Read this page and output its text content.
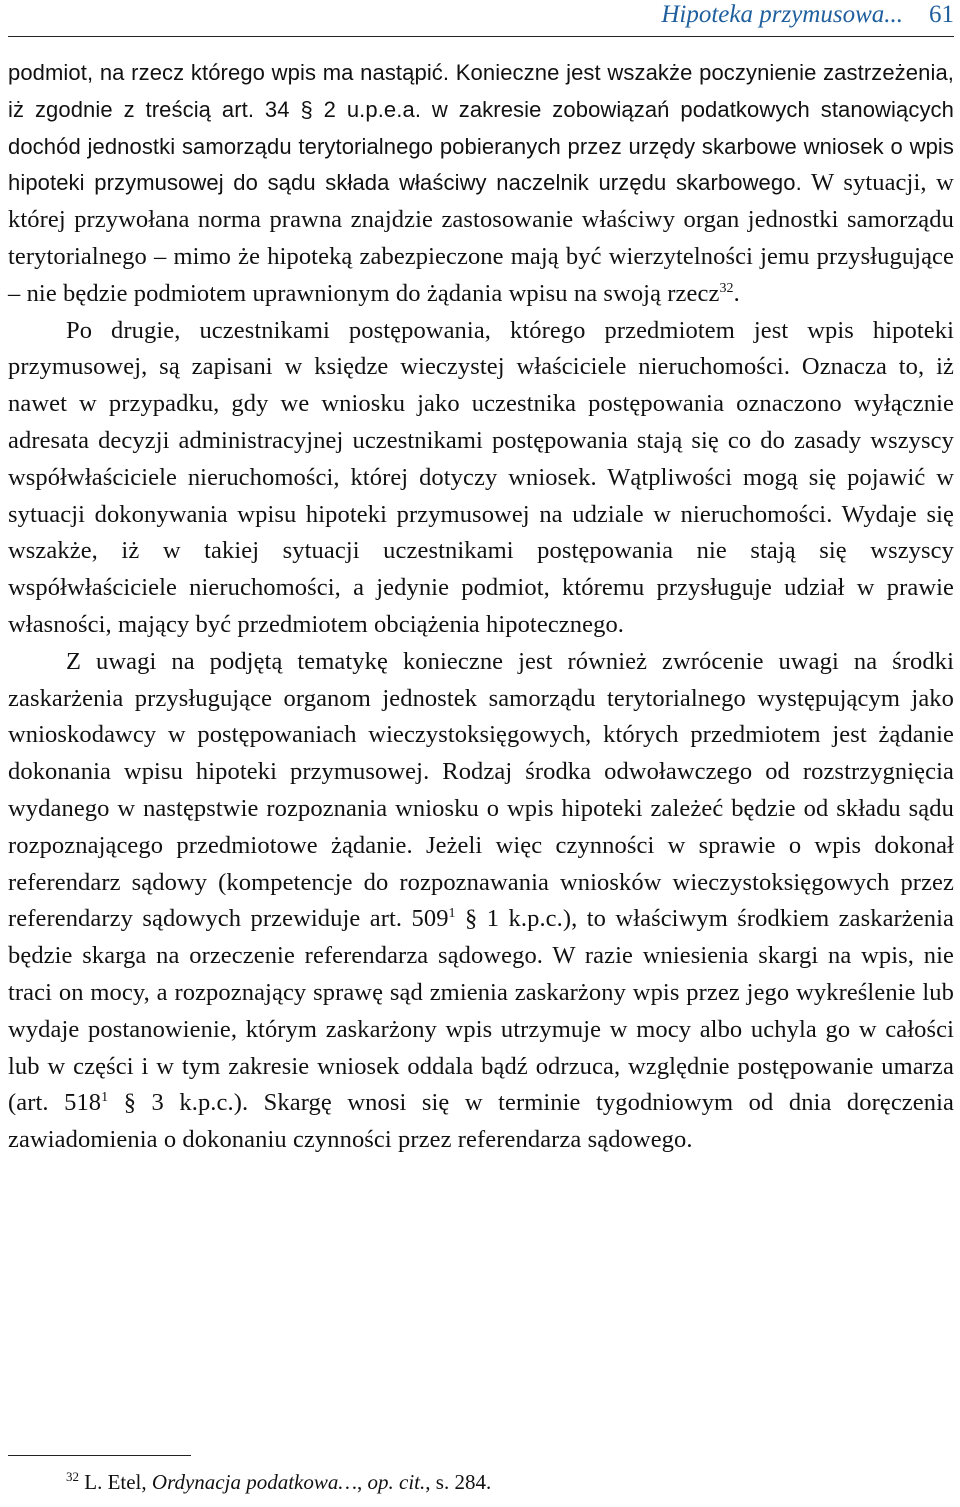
Hipoteka przymusowa... 61

podmiot, na rzecz którego wpis ma nastąpić. Konieczne jest wszakże poczynienie zastrzeżenia, iż zgodnie z treścią art. 34 § 2 u.p.e.a. w zakresie zobowiązań podatkowych stanowiących dochód jednostki samorządu terytorialnego pobieranych przez urzędy skarbowe wniosek o wpis hipoteki przymusowej do sądu składa właściwy naczelnik urzędu skarbowego. W sytuacji, w której przywołana norma prawna znajdzie zastosowanie właściwy organ jednostki samorządu terytorialnego – mimo że hipoteką zabezpieczone mają być wierzytelności jemu przysługujące – nie będzie podmiotem uprawnionym do żądania wpisu na swoją rzecz$^{32}$.

Po drugie, uczestnikami postępowania, którego przedmiotem jest wpis hipoteki przymusowej, są zapisani w księdze wieczystej właściciele nieruchomości. Oznacza to, iż nawet w przypadku, gdy we wniosku jako uczestnika postępowania oznaczono wyłącznie adresata decyzji administracyjnej uczestnikami postępowania stają się co do zasady wszyscy współwłaściciele nieruchomości, której dotyczy wniosek. Wątpliwości mogą się pojawić w sytuacji dokonywania wpisu hipoteki przymusowej na udziale w nieruchomości. Wydaje się wszakże, iż w takiej sytuacji uczestnikami postępowania nie stają się wszyscy współwłaściciele nieruchomości, a jedynie podmiot, któremu przysługuje udział w prawie własności, mający być przedmiotem obciążenia hipotecznego.

Z uwagi na podjętą tematykę konieczne jest również zwrócenie uwagi na środki zaskarżenia przysługujące organom jednostek samorządu terytorialnego występującym jako wnioskodawcy w postępowaniach wieczystoksięgowych, których przedmiotem jest żądanie dokonania wpisu hipoteki przymusowej. Rodzaj środka odwoławczego od rozstrzygnięcia wydanego w następstwie rozpoznania wniosku o wpis hipoteki zależeć będzie od składu sądu rozpoznającego przedmiotowe żądanie. Jeżeli więc czynności w sprawie o wpis dokonał referendarz sądowy (kompetencje do rozpoznawania wniosków wieczystoksięgowych przez referendarzy sądowych przewiduje art. $509^1$ § 1 k.p.c.), to właściwym środkiem zaskarżenia będzie skarga na orzeczenie referendarza sądowego. W razie wniesienia skargi na wpis, nie traci on mocy, a rozpoznający sprawę sąd zmienia zaskarżony wpis przez jego wykreślenie lub wydaje postanowienie, którym zaskarżony wpis utrzymuje w mocy albo uchyla go w całości lub w części i w tym zakresie wniosek oddala bądź odrzuca, względnie postępowanie umarza (art. $518^1$ § 3 k.p.c.). Skargę wnosi się w terminie tygodniowym od dnia doręczenia zawiadomienia o dokonaniu czynności przez referendarza sądowego.

$^{32}$ L. Etel, Ordynacja podatkowa…, op. cit., s. 284.
